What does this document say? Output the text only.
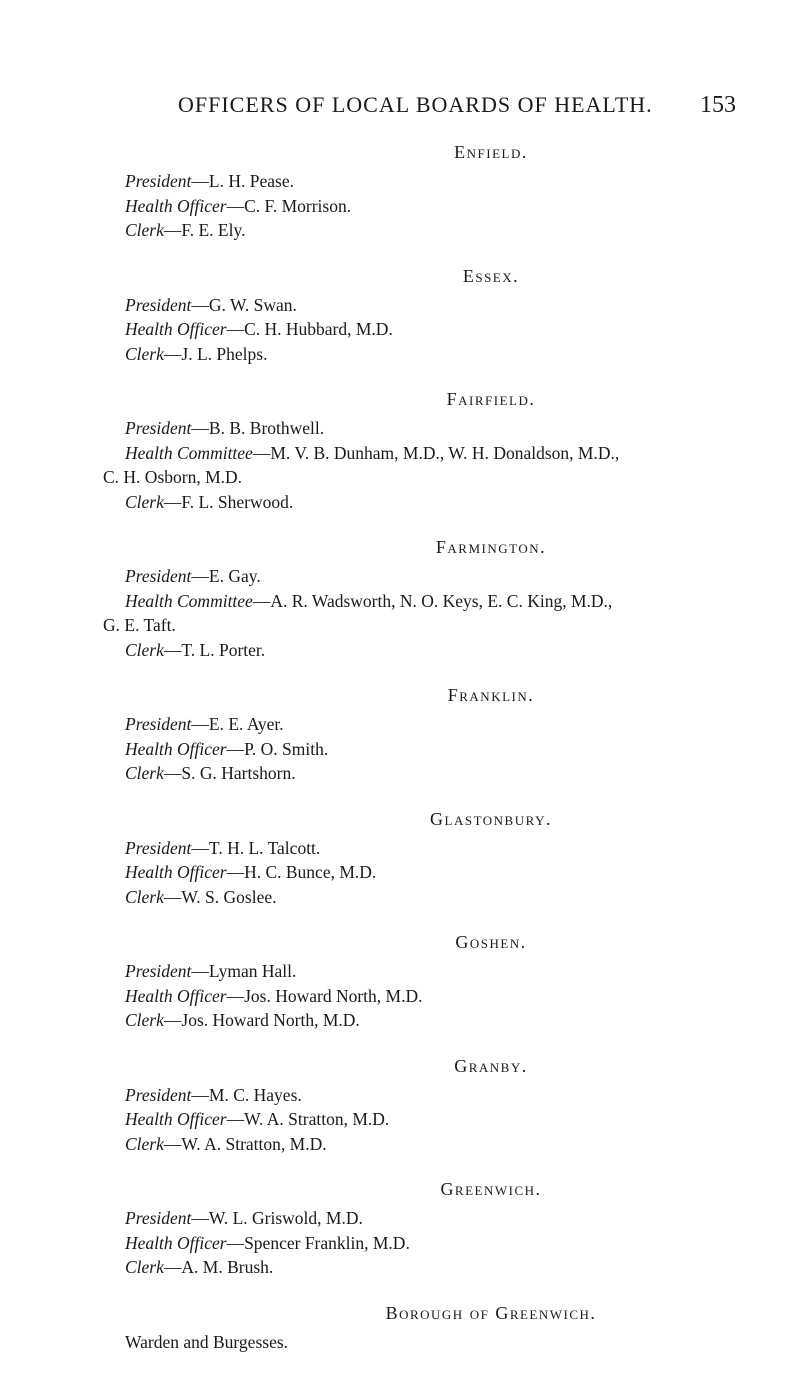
OFFICERS OF LOCAL BOARDS OF HEALTH. 153
Enfield.
President—L. H. Pease.
Health Officer—C. F. Morrison.
Clerk—F. E. Ely.
Essex.
President—G. W. Swan.
Health Officer—C. H. Hubbard, M.D.
Clerk—J. L. Phelps.
Fairfield.
President—B. B. Brothwell.
Health Committee—M. V. B. Dunham, M.D., W. H. Donaldson, M.D.,
C. H. Osborn, M.D.
Clerk—F. L. Sherwood.
Farmington.
President—E. Gay.
Health Committee—A. R. Wadsworth, N. O. Keys, E. C. King, M.D.,
G. E. Taft.
Clerk—T. L. Porter.
Franklin.
President—E. E. Ayer.
Health Officer—P. O. Smith.
Clerk—S. G. Hartshorn.
Glastonbury.
President—T. H. L. Talcott.
Health Officer—H. C. Bunce, M.D.
Clerk—W. S. Goslee.
Goshen.
President—Lyman Hall.
Health Officer—Jos. Howard North, M.D.
Clerk—Jos. Howard North, M.D.
Granby.
President—M. C. Hayes.
Health Officer—W. A. Stratton, M.D.
Clerk—W. A. Stratton, M.D.
Greenwich.
President—W. L. Griswold, M.D.
Health Officer—Spencer Franklin, M.D.
Clerk—A. M. Brush.
Borough of Greenwich.
Warden and Burgesses.
